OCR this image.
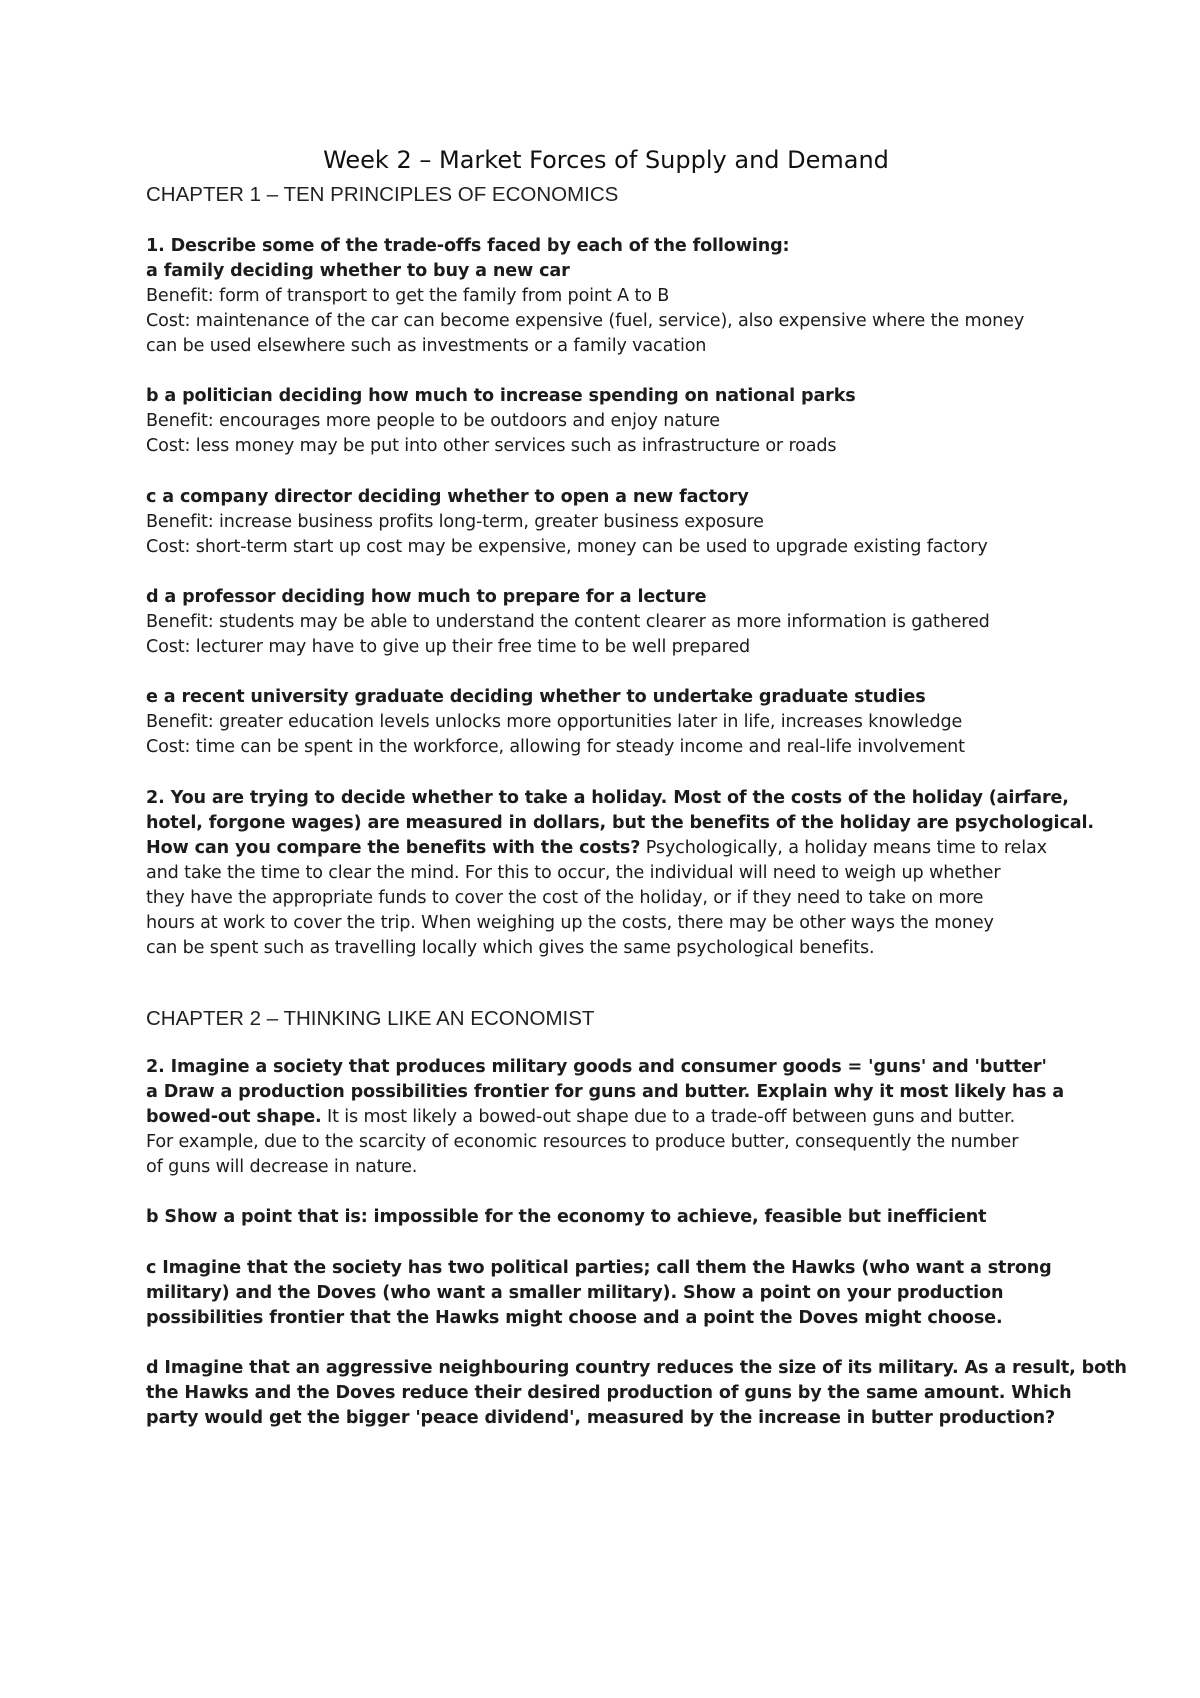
Week 2 – Market Forces of Supply and Demand
CHAPTER 1 – TEN PRINCIPLES OF ECONOMICS
1. Describe some of the trade-offs faced by each of the following:
a family deciding whether to buy a new car
Benefit: form of transport to get the family from point A to B
Cost: maintenance of the car can become expensive (fuel, service), also expensive where the money
can be used elsewhere such as investments or a family vacation
b a politician deciding how much to increase spending on national parks
Benefit: encourages more people to be outdoors and enjoy nature
Cost: less money may be put into other services such as infrastructure or roads
c a company director deciding whether to open a new factory
Benefit: increase business profits long-term, greater business exposure
Cost: short-term start up cost may be expensive, money can be used to upgrade existing factory
d a professor deciding how much to prepare for a lecture
Benefit: students may be able to understand the content clearer as more information is gathered
Cost: lecturer may have to give up their free time to be well prepared
e a recent university graduate deciding whether to undertake graduate studies
Benefit: greater education levels unlocks more opportunities later in life, increases knowledge
Cost: time can be spent in the workforce, allowing for steady income and real-life involvement
2. You are trying to decide whether to take a holiday. Most of the costs of the holiday (airfare,
hotel, forgone wages) are measured in dollars, but the benefits of the holiday are psychological.
How can you compare the benefits with the costs? Psychologically, a holiday means time to relax
and take the time to clear the mind. For this to occur, the individual will need to weigh up whether
they have the appropriate funds to cover the cost of the holiday, or if they need to take on more
hours at work to cover the trip. When weighing up the costs, there may be other ways the money
can be spent such as travelling locally which gives the same psychological benefits.
CHAPTER 2 – THINKING LIKE AN ECONOMIST
2. Imagine a society that produces military goods and consumer goods = 'guns' and 'butter'
a Draw a production possibilities frontier for guns and butter. Explain why it most likely has a
bowed-out shape. It is most likely a bowed-out shape due to a trade-off between guns and butter.
For example, due to the scarcity of economic resources to produce butter, consequently the number
of guns will decrease in nature.
b Show a point that is: impossible for the economy to achieve, feasible but inefficient
c Imagine that the society has two political parties; call them the Hawks (who want a strong
military) and the Doves (who want a smaller military). Show a point on your production
possibilities frontier that the Hawks might choose and a point the Doves might choose.
d Imagine that an aggressive neighbouring country reduces the size of its military. As a result, both
the Hawks and the Doves reduce their desired production of guns by the same amount. Which
party would get the bigger 'peace dividend', measured by the increase in butter production?
